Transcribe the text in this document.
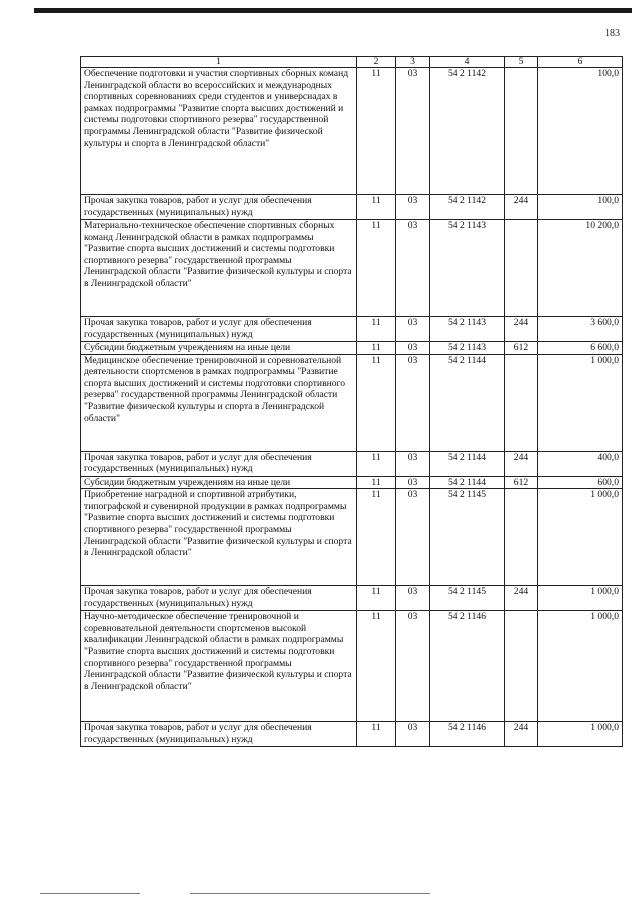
183
1	2	3	4	5	6
Обеспечение подготовки и участия спортивных сборных команд Ленинградской области во всероссийских и международных спортивных соревнованиях среди студентов и универсиадах в рамках подпрограммы "Развитие спорта высших достижений и системы подготовки спортивного резерва" государственной программы Ленинградской области "Развитие физической культуры и спорта в Ленинградской области"	11	03	54 2 1142		100,0
Прочая закупка товаров, работ и услуг для обеспечения государственных (муниципальных) нужд	11	03	54 2 1142	244	100,0
Материально-техническое обеспечение спортивных сборных команд Ленинградской области в рамках подпрограммы "Развитие спорта высших достижений и системы подготовки спортивного резерва" государственной программы Ленинградской области "Развитие физической культуры и спорта в Ленинградской области"	11	03	54 2 1143		10 200,0
Прочая закупка товаров, работ и услуг для обеспечения государственных (муниципальных) нужд	11	03	54 2 1143	244	3 600,0
Субсидии бюджетным учреждениям на иные цели	11	03	54 2 1143	612	6 600,0
Медицинское обеспечение тренировочной и соревновательной деятельности спортсменов в рамках подпрограммы "Развитие спорта высших достижений и системы подготовки спортивного резерва" государственной программы Ленинградской области "Развитие физической культуры и спорта в Ленинградской области"	11	03	54 2 1144		1 000,0
Прочая закупка товаров, работ и услуг для обеспечения государственных (муниципальных) нужд	11	03	54 2 1144	244	400,0
Субсидии бюджетным учреждениям на иные цели	11	03	54 2 1144	612	600,0
Приобретение наградной и спортивной атрибутики, типографской и сувенирной продукции в рамках подпрограммы "Развитие спорта высших достижений и системы подготовки спортивного резерва" государственной программы Ленинградской области "Развитие физической культуры и спорта в Ленинградской области"	11	03	54 2 1145		1 000,0
Прочая закупка товаров, работ и услуг для обеспечения государственных (муниципальных) нужд	11	03	54 2 1145	244	1 000,0
Научно-методическое обеспечение тренировочной и соревновательной деятельности спортсменов высокой квалификации Ленинградской области в рамках подпрограммы "Развитие спорта высших достижений и системы подготовки спортивного резерва" государственной программы Ленинградской области "Развитие физической культуры и спорта в Ленинградской области"	11	03	54 2 1146		1 000,0
Прочая закупка товаров, работ и услуг для обеспечения государственных (муниципальных) нужд	11	03	54 2 1146	244	1 000,0
